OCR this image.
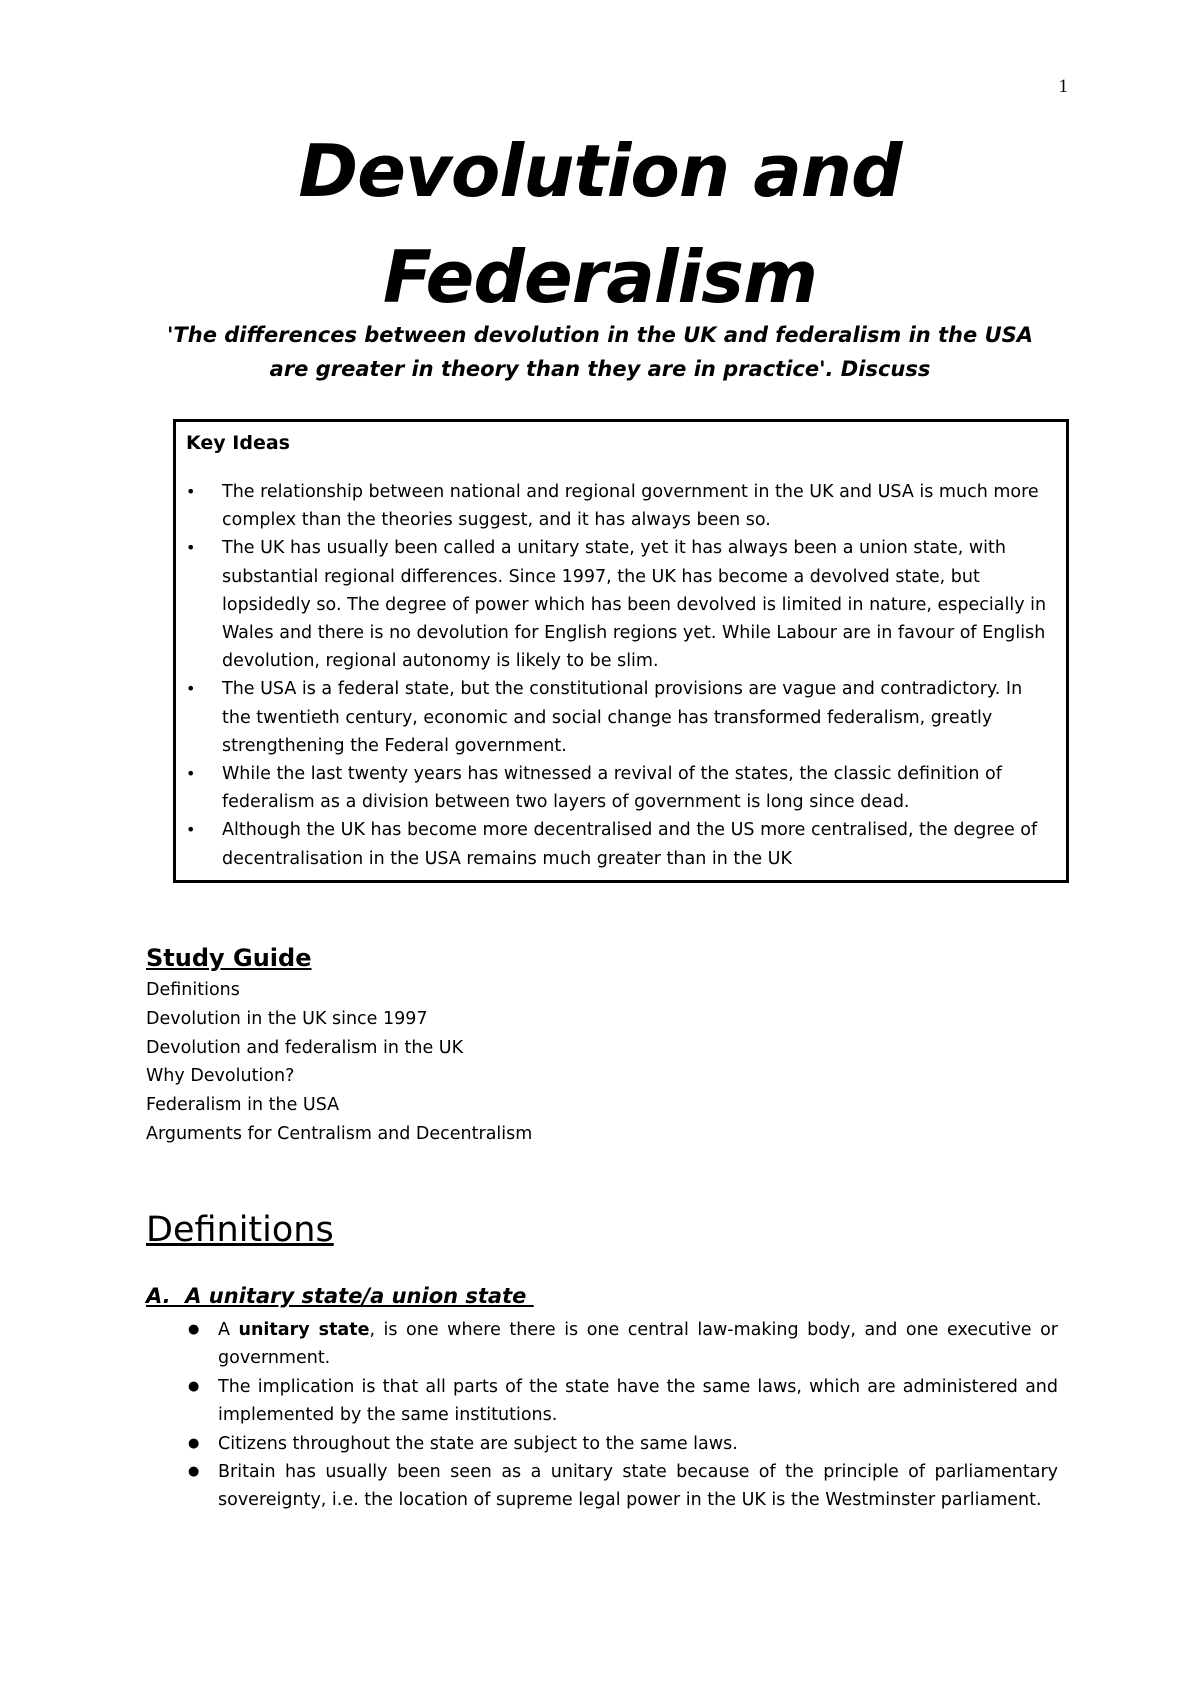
1
Devolution and
Federalism
'The differences between devolution in the UK and federalism in the USA
are greater in theory than they are in practice'. Discuss
Key Ideas
• The relationship between national and regional government in the UK and USA is much more complex than the theories suggest, and it has always been so.
• The UK has usually been called a unitary state, yet it has always been a union state, with substantial regional differences. Since 1997, the UK has become a devolved state, but lopsidedly so. The degree of power which has been devolved is limited in nature, especially in Wales and there is no devolution for English regions yet. While Labour are in favour of English devolution, regional autonomy is likely to be slim.
• The USA is a federal state, but the constitutional provisions are vague and contradictory. In the twentieth century, economic and social change has transformed federalism, greatly strengthening the Federal government.
• While the last twenty years has witnessed a revival of the states, the classic definition of federalism as a division between two layers of government is long since dead.
• Although the UK has become more decentralised and the US more centralised, the degree of decentralisation in the USA remains much greater than in the UK
Study Guide
Definitions
Devolution in the UK since 1997
Devolution and federalism in the UK
Why Devolution?
Federalism in the USA
Arguments for Centralism and Decentralism
Definitions
A.  A unitary state/a union state
● A unitary state, is one where there is one central law-making body, and one executive or government.
● The implication is that all parts of the state have the same laws, which are administered and implemented by the same institutions.
● Citizens throughout the state are subject to the same laws.
● Britain has usually been seen as a unitary state because of the principle of parliamentary sovereignty, i.e. the location of supreme legal power in the UK is the Westminster parliament.
